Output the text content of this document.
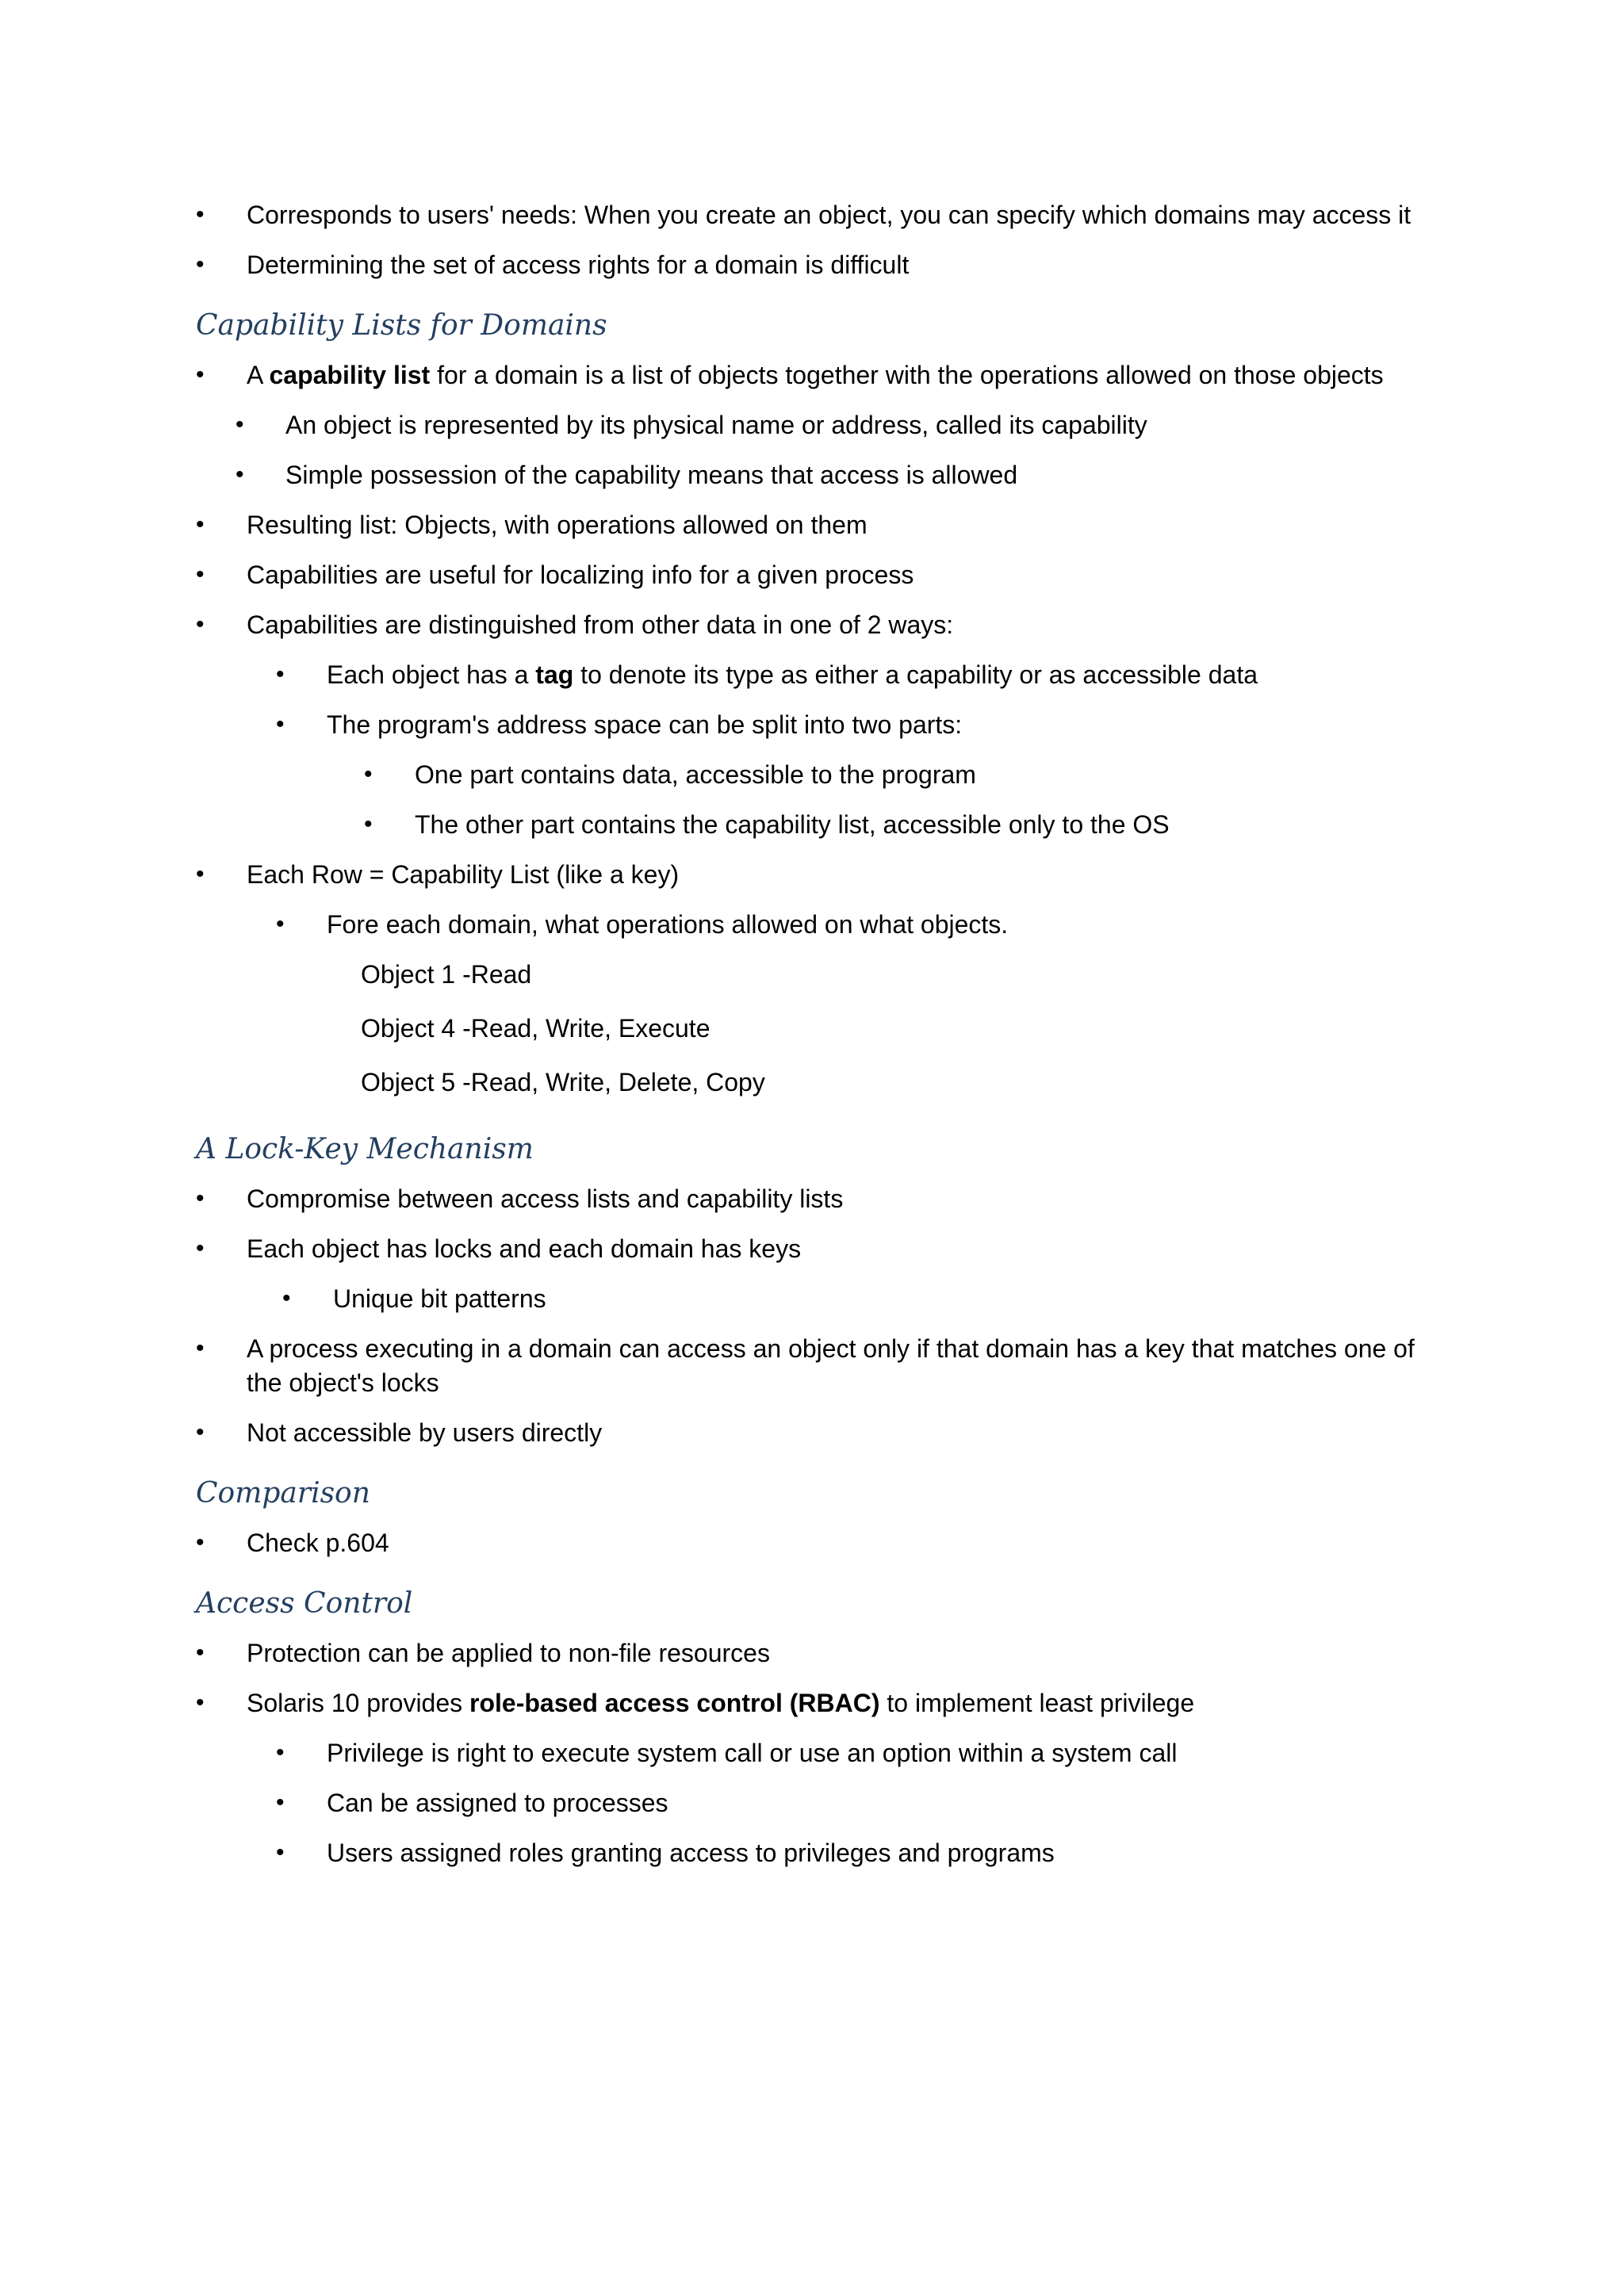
• Corresponds to users' needs: When you create an object, you can specify which domains may access it
• Determining the set of access rights for a domain is difficult
Capability Lists for Domains
• A capability list for a domain is a list of objects together with the operations allowed on those objects
• An object is represented by its physical name or address, called its capability
• Simple possession of the capability means that access is allowed
• Resulting list: Objects, with operations allowed on them
• Capabilities are useful for localizing info for a given process
• Capabilities are distinguished from other data in one of 2 ways:
• Each object has a tag to denote its type as either a capability or as accessible data
• The program's address space can be split into two parts:
• One part contains data, accessible to the program
• The other part contains the capability list, accessible only to the OS
• Each Row = Capability List (like a key)
• Fore each domain, what operations allowed on what objects.
Object 1 -Read
Object 4 -Read, Write, Execute
Object 5 -Read, Write, Delete, Copy
A Lock-Key Mechanism
• Compromise between access lists and capability lists
• Each object has locks and each domain has keys
• Unique bit patterns
• A process executing in a domain can access an object only if that domain has a key that matches one of
the object's locks
• Not accessible by users directly
Comparison
• Check p.604
Access Control
• Protection can be applied to non-file resources
• Solaris 10 provides role-based access control (RBAC) to implement least privilege
• Privilege is right to execute system call or use an option within a system call
• Can be assigned to processes
• Users assigned roles granting access to privileges and programs
